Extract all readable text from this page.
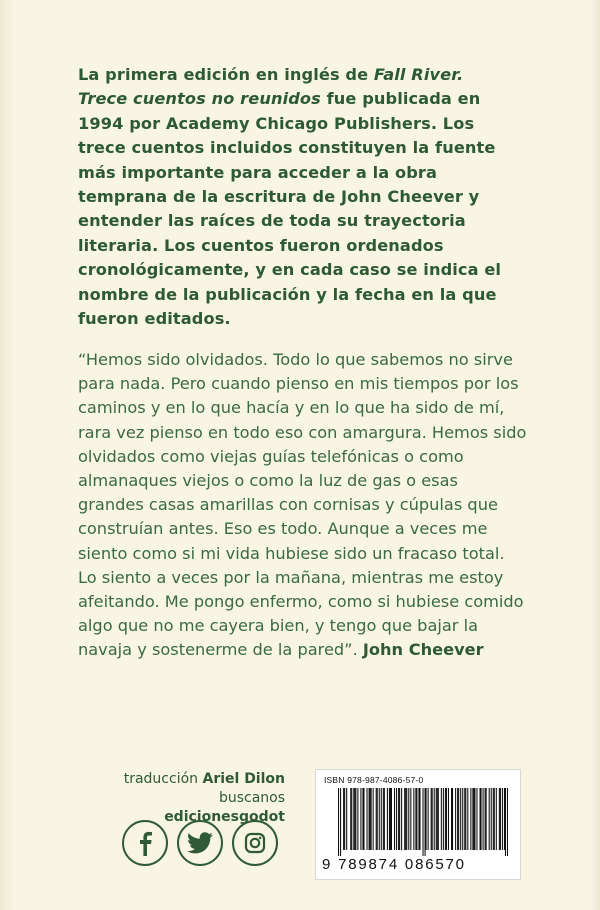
La primera edición en inglés de Fall River. Trece cuentos no reunidos fue publicada en 1994 por Academy Chicago Publishers. Los trece cuentos incluidos constituyen la fuente más importante para acceder a la obra temprana de la escritura de John Cheever y entender las raíces de toda su trayectoria literaria. Los cuentos fueron ordenados cronológicamente, y en cada caso se indica el nombre de la publicación y la fecha en la que fueron editados.
“Hemos sido olvidados. Todo lo que sabemos no sirve para nada. Pero cuando pienso en mis tiempos por los caminos y en lo que hacía y en lo que ha sido de mí, rara vez pienso en todo eso con amargura. Hemos sido olvidados como viejas guías telefónicas o como almanaques viejos o como la luz de gas o esas grandes casas amarillas con cornisas y cúpulas que construían antes. Eso es todo. Aunque a veces me siento como si mi vida hubiese sido un fracaso total. Lo siento a veces por la mañana, mientras me estoy afeitando. Me pongo enfermo, como si hubiese comido algo que no me cayera bien, y tengo que bajar la navaja y sostenerme de la pared”. John Cheever
traducción Ariel Dilon
buscanos edicionesgodot
ISBN 978-987-4086-57-0
9 789874 086570
